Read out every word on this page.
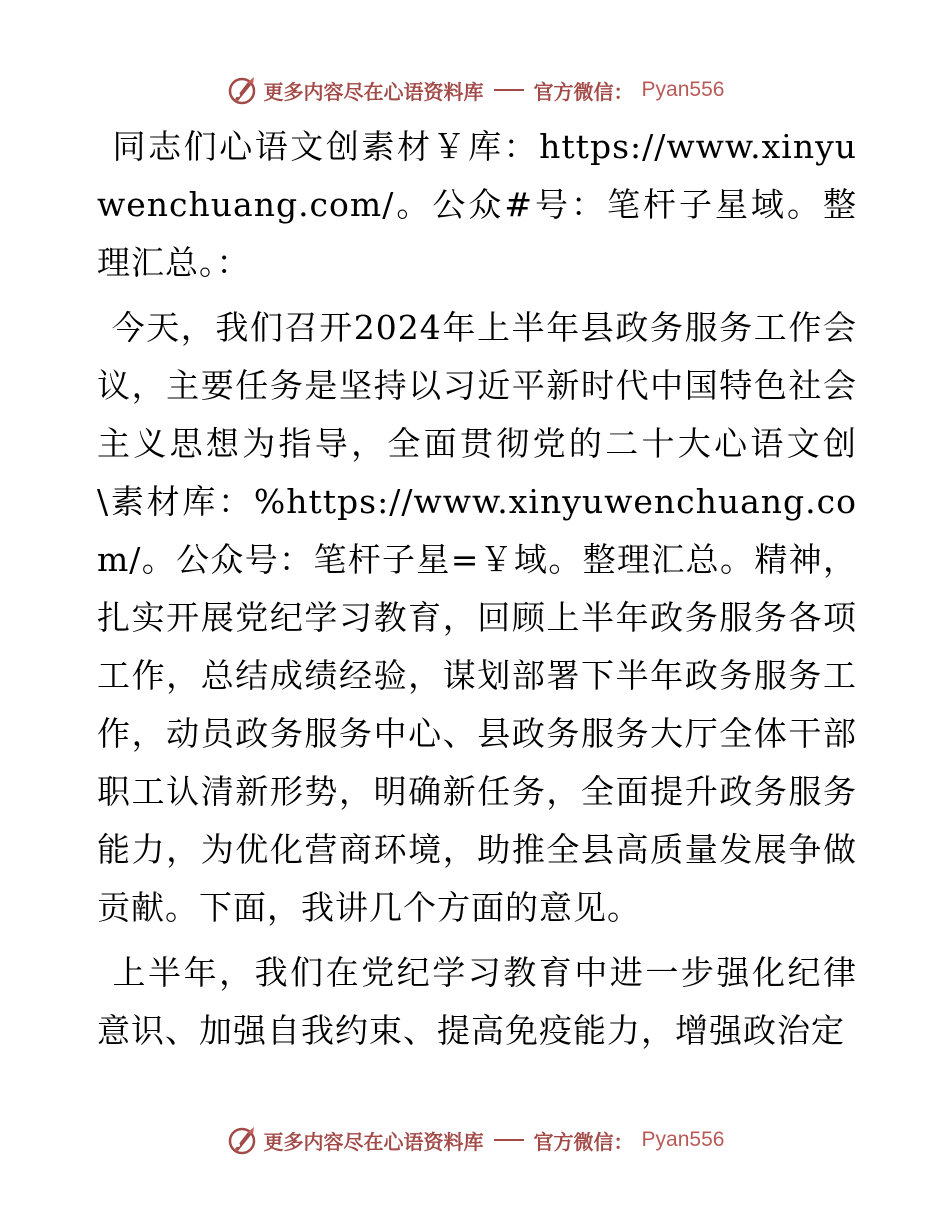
更多内容尽在心语资料库	官方微信： Pyan556

同志们心语文创素材￥库：https://www.xinyuwenchuang.com/。公众#号：笔杆子星域。整理汇总。：

今天，我们召开2024年上半年县政务服务工作会议，主要任务是坚持以习近平新时代中国特色社会主义思想为指导，全面贯彻党的二十大心语文创\素材库：%https://www.xinyuwenchuang.com/。公众号：笔杆子星=￥域。整理汇总。精神，扎实开展党纪学习教育，回顾上半年政务服务各项工作，总结成绩经验，谋划部署下半年政务服务工作，动员政务服务中心、县政务服务大厅全体干部职工认清新形势，明确新任务，全面提升政务服务能力，为优化营商环境，助推全县高质量发展争做贡献。下面，我讲几个方面的意见。

上半年，我们在党纪学习教育中进一步强化纪律意识、加强自我约束、提高免疫能力，增强政治定

更多内容尽在心语资料库	官方微信： Pyan556
